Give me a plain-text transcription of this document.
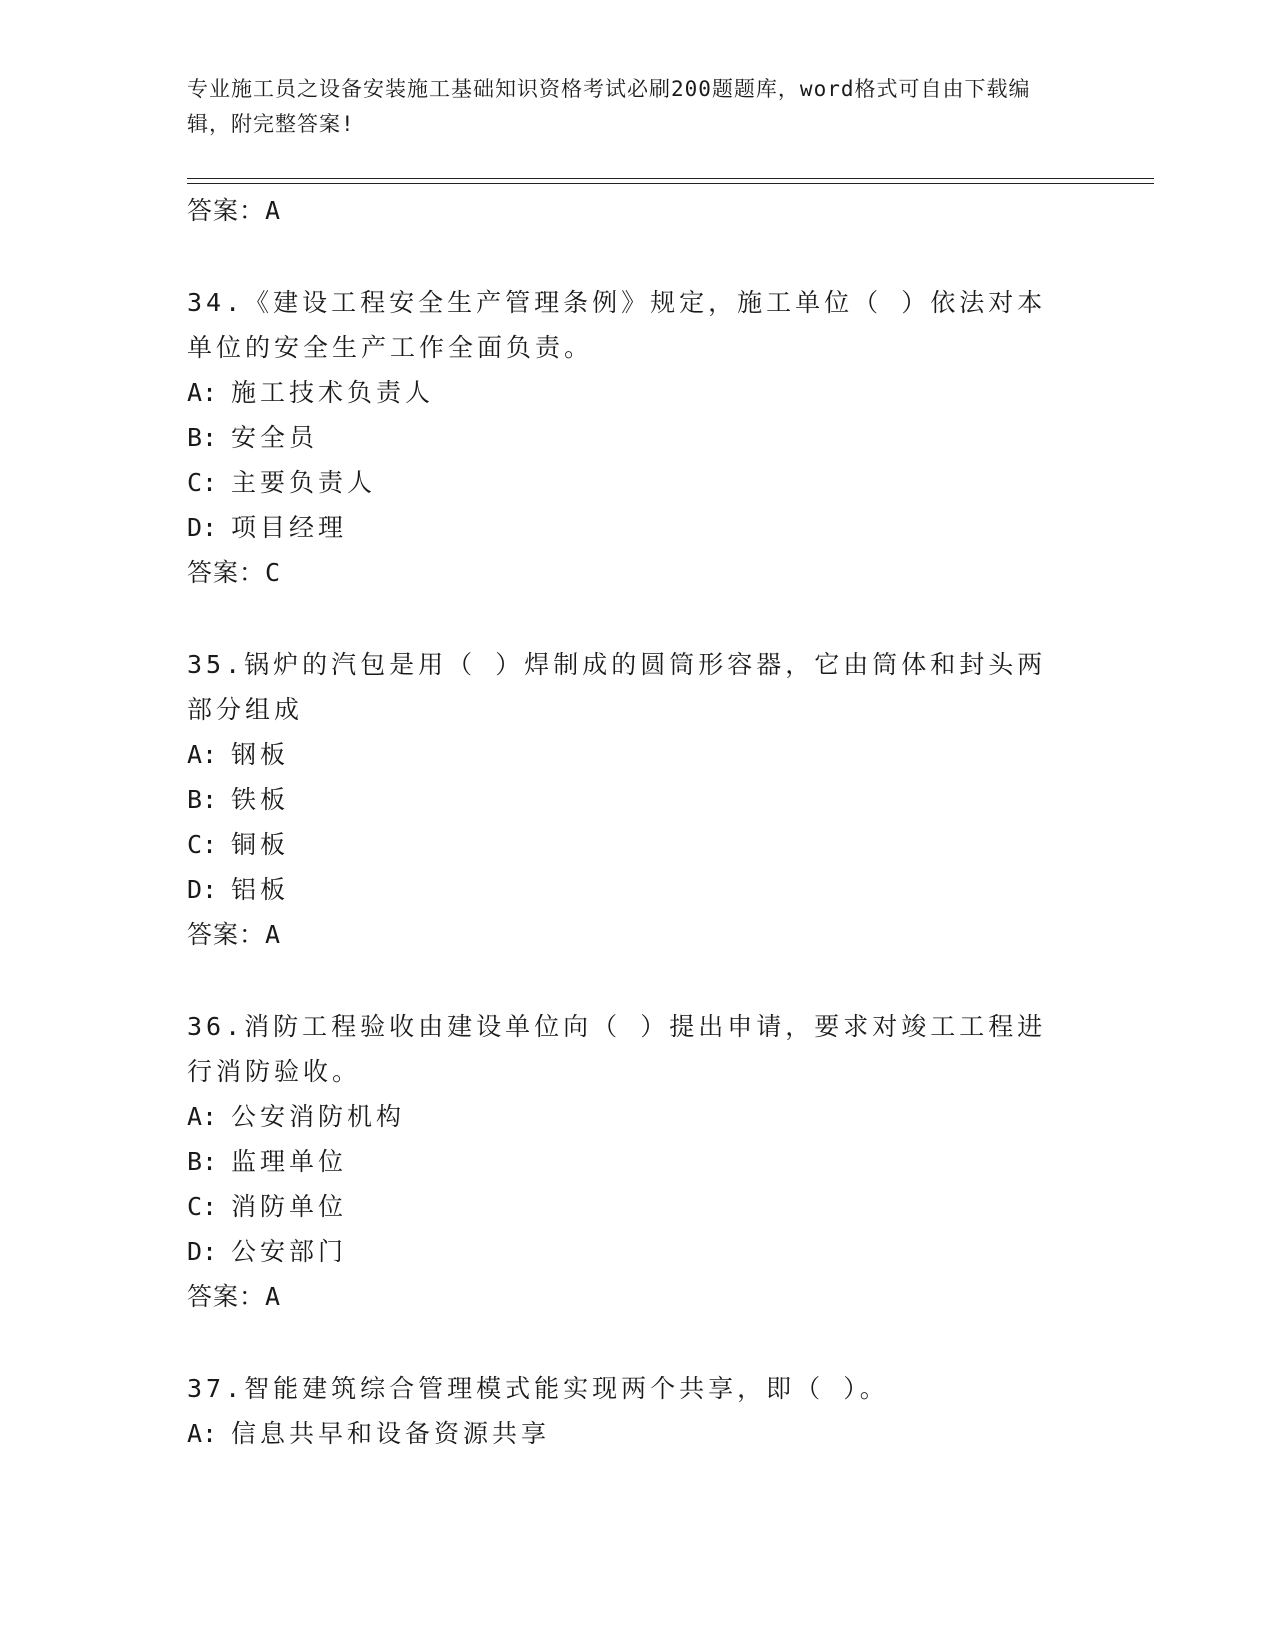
专业施工员之设备安装施工基础知识资格考试必刷200题题库，word格式可自由下载编辑，附完整答案!
答案：A
34.《建设工程安全生产管理条例》规定，施工单位（ ）依法对本单位的安全生产工作全面负责。
A: 施工技术负责人
B: 安全员
C: 主要负责人
D: 项目经理
答案：C
35.锅炉的汽包是用（ ）焊制成的圆筒形容器，它由筒体和封头两部分组成
A: 钢板
B: 铁板
C: 铜板
D: 铝板
答案：A
36.消防工程验收由建设单位向（ ）提出申请，要求对竣工工程进行消防验收。
A: 公安消防机构
B: 监理单位
C: 消防单位
D: 公安部门
答案：A
37.智能建筑综合管理模式能实现两个共享，即（ ）。
A: 信息共早和设备资源共享
